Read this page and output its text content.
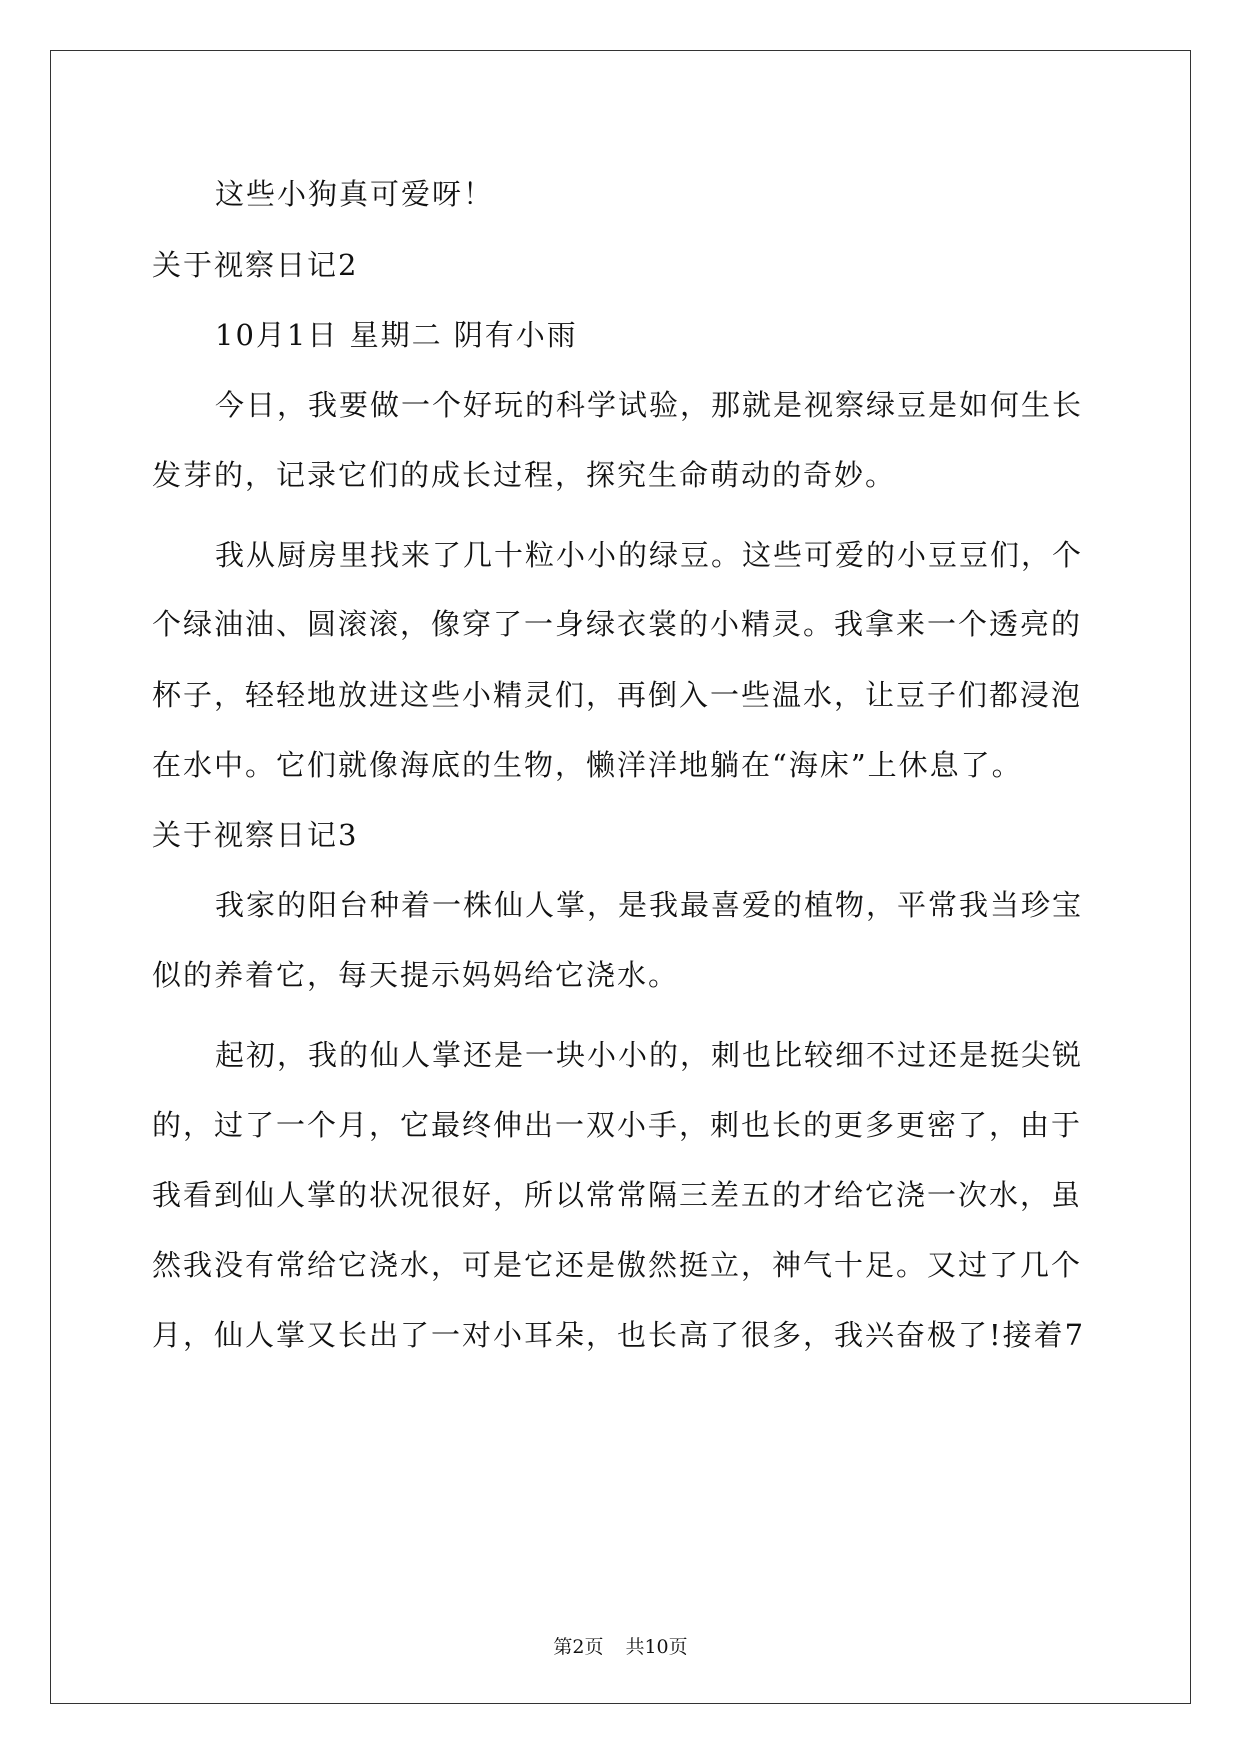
这些小狗真可爱呀！
关于视察日记2
10月1日 星期二 阴有小雨
今日，我要做一个好玩的科学试验，那就是视察绿豆是如何生长
发芽的，记录它们的成长过程，探究生命萌动的奇妙。
我从厨房里找来了几十粒小小的绿豆。这些可爱的小豆豆们，个
个绿油油、圆滚滚，像穿了一身绿衣裳的小精灵。我拿来一个透亮的
杯子，轻轻地放进这些小精灵们，再倒入一些温水，让豆子们都浸泡
在水中。它们就像海底的生物，懒洋洋地躺在“海床”上休息了。
关于视察日记3
我家的阳台种着一株仙人掌，是我最喜爱的植物，平常我当珍宝
似的养着它，每天提示妈妈给它浇水。
起初，我的仙人掌还是一块小小的，刺也比较细不过还是挺尖锐
的，过了一个月，它最终伸出一双小手，刺也长的更多更密了，由于
我看到仙人掌的状况很好，所以常常隔三差五的才给它浇一次水，虽
然我没有常给它浇水，可是它还是傲然挺立，神气十足。又过了几个
月，仙人掌又长出了一对小耳朵，也长高了很多，我兴奋极了!接着7
第2页 共10页
